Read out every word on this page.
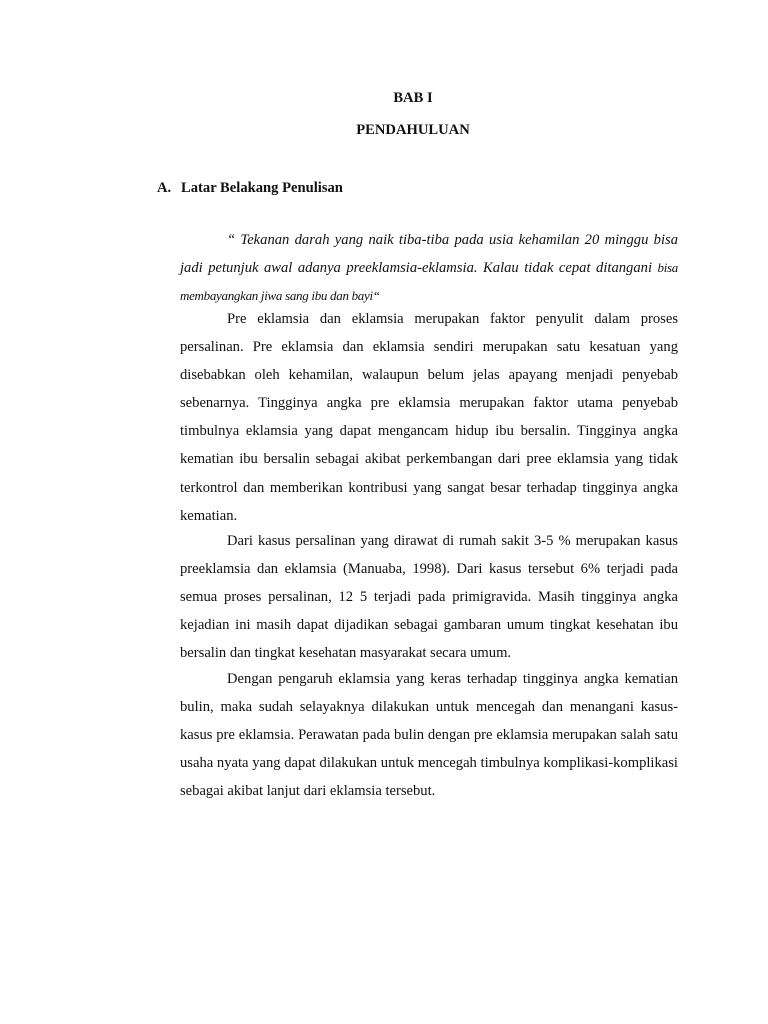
BAB I
PENDAHULUAN
A. Latar Belakang Penulisan

“ Tekanan darah yang naik tiba-tiba pada usia kehamilan 20 minggu bisa jadi petunjuk awal adanya preeklamsia-eklamsia. Kalau tidak cepat ditangani bisa membayangkan jiwa sang ibu dan bayi“

Pre eklamsia dan eklamsia merupakan faktor penyulit dalam proses persalinan. Pre eklamsia dan eklamsia sendiri merupakan satu kesatuan yang disebabkan oleh kehamilan, walaupun belum jelas apayang menjadi penyebab sebenarnya. Tingginya angka pre eklamsia merupakan faktor utama penyebab timbulnya eklamsia yang dapat mengancam hidup ibu bersalin. Tingginya angka kematian ibu bersalin sebagai akibat perkembangan dari pree eklamsia yang tidak terkontrol dan memberikan kontribusi yang sangat besar terhadap tingginya angka kematian.

Dari kasus persalinan yang dirawat di rumah sakit 3-5 % merupakan kasus preeklamsia dan eklamsia (Manuaba, 1998). Dari kasus tersebut 6% terjadi pada semua proses persalinan, 12 5 terjadi pada primigravida. Masih tingginya angka kejadian ini masih dapat dijadikan sebagai gambaran umum tingkat kesehatan ibu bersalin dan tingkat kesehatan masyarakat secara umum.

Dengan pengaruh eklamsia yang keras terhadap tingginya angka kematian bulin, maka sudah selayaknya dilakukan untuk mencegah dan menangani kasus-kasus pre eklamsia. Perawatan pada bulin dengan pre eklamsia merupakan salah satu usaha nyata yang dapat dilakukan untuk mencegah timbulnya komplikasi-komplikasi sebagai akibat lanjut dari eklamsia tersebut.
